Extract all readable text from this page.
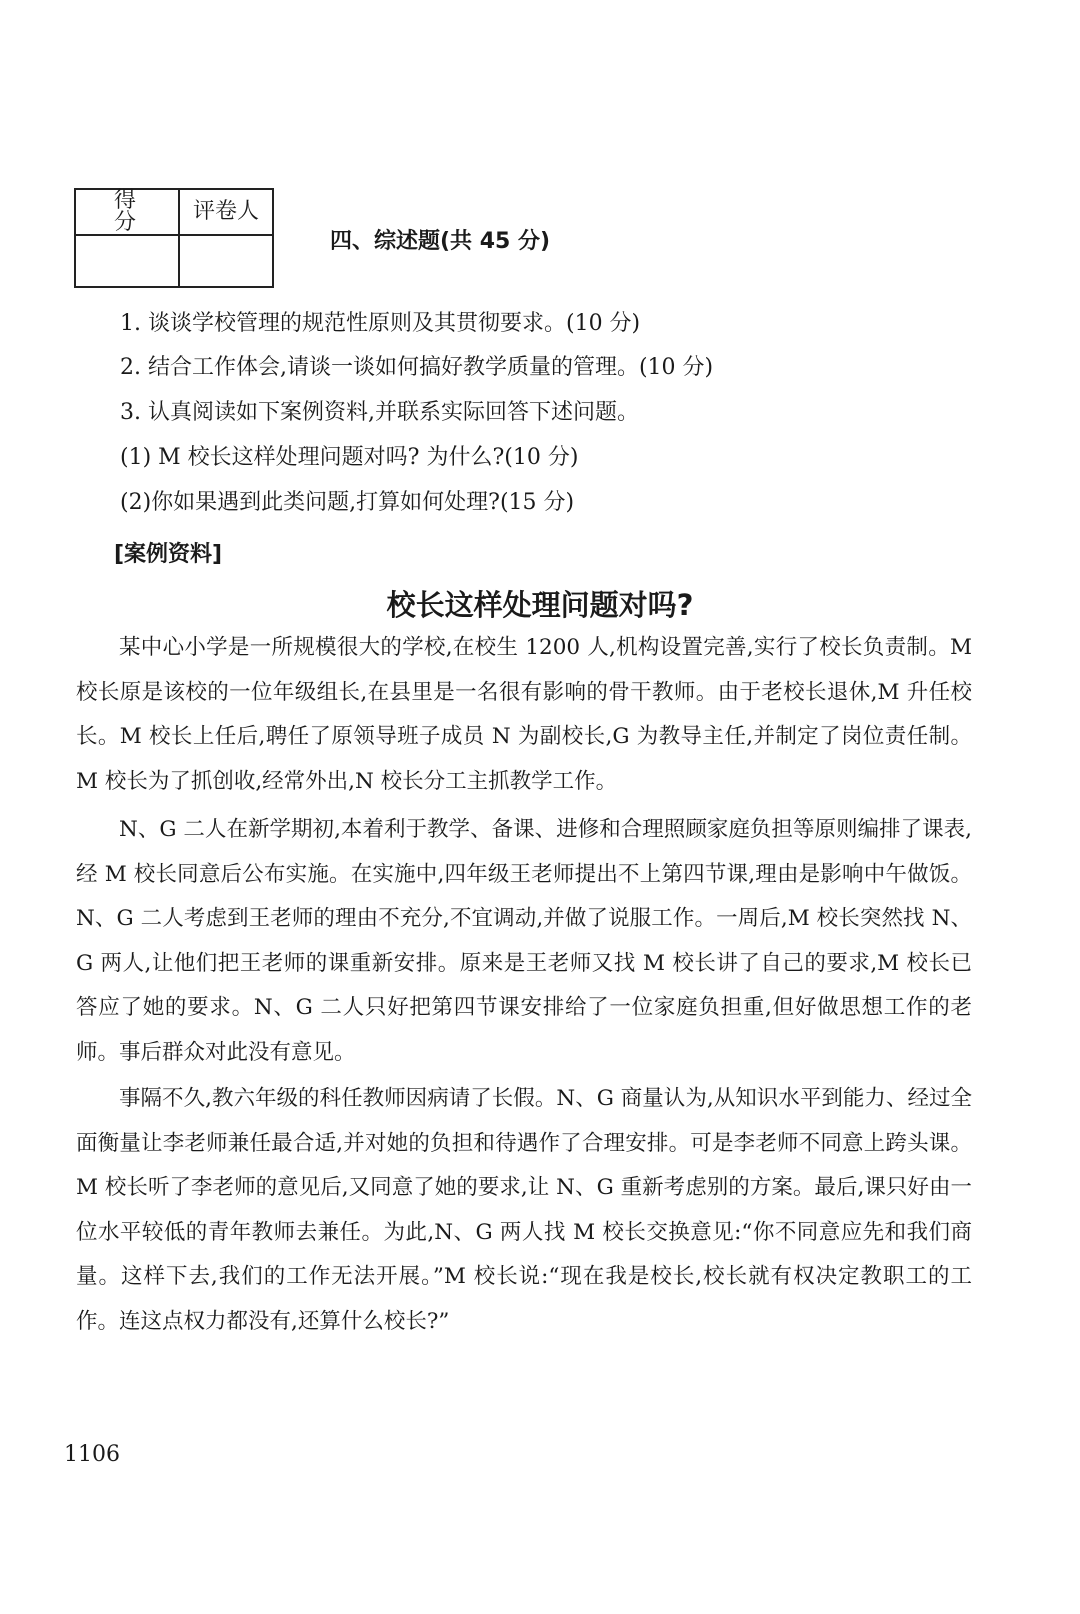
得 分	评卷人

四、综述题(共 45 分)
1. 谈谈学校管理的规范性原则及其贯彻要求。(10 分)
2. 结合工作体会,请谈一谈如何搞好教学质量的管理。(10 分)
3. 认真阅读如下案例资料,并联系实际回答下述问题。
(1) M 校长这样处理问题对吗? 为什么?(10 分)
(2)你如果遇到此类问题,打算如何处理?(15 分)
[案例资料]
校长这样处理问题对吗?
某中心小学是一所规模很大的学校,在校生 1200 人,机构设置完善,实行了校长负责制。M 校长原是该校的一位年级组长,在县里是一名很有影响的骨干教师。由于老校长退休,M 升任校长。M 校长上任后,聘任了原领导班子成员 N 为副校长,G 为教导主任,并制定了岗位责任制。M 校长为了抓创收,经常外出,N 校长分工主抓教学工作。
N、G 二人在新学期初,本着利于教学、备课、进修和合理照顾家庭负担等原则编排了课表,经 M 校长同意后公布实施。在实施中,四年级王老师提出不上第四节课,理由是影响中午做饭。N、G 二人考虑到王老师的理由不充分,不宜调动,并做了说服工作。一周后,M 校长突然找 N、G 两人,让他们把王老师的课重新安排。原来是王老师又找 M 校长讲了自己的要求,M 校长已答应了她的要求。N、G 二人只好把第四节课安排给了一位家庭负担重,但好做思想工作的老师。事后群众对此没有意见。
事隔不久,教六年级的科任教师因病请了长假。N、G 商量认为,从知识水平到能力、经过全面衡量让李老师兼任最合适,并对她的负担和待遇作了合理安排。可是李老师不同意上跨头课。M 校长听了李老师的意见后,又同意了她的要求,让 N、G 重新考虑别的方案。最后,课只好由一位水平较低的青年教师去兼任。为此,N、G 两人找 M 校长交换意见:“你不同意应先和我们商量。这样下去,我们的工作无法开展。”M 校长说:“现在我是校长,校长就有权决定教职工的工作。连这点权力都没有,还算什么校长?”
1106
